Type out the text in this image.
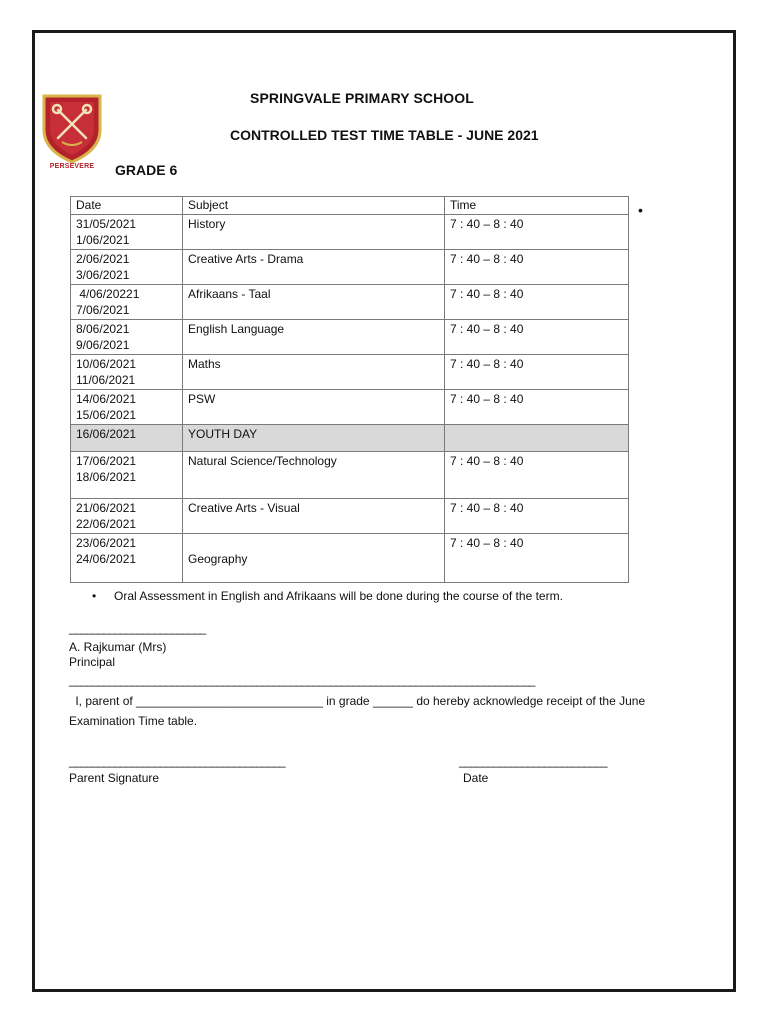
PERSEVERE
SPRINGVALE PRIMARY SCHOOL
CONTROLLED TEST TIME TABLE - JUNE 2021
GRADE 6
•
Date	Subject	Time

31/05/2021
1/06/2021	History	7 : 40 – 8 : 40

2/06/2021
3/06/2021	Creative Arts - Drama	7 : 40 – 8 : 40

4/06/20221
7/06/2021	Afrikaans - Taal	7 : 40 – 8 : 40

8/06/2021
9/06/2021	English Language	7 : 40 – 8 : 40

10/06/2021
11/06/2021	Maths	7 : 40 – 8 : 40

14/06/2021
15/06/2021	PSW	7 : 40 – 8 : 40
16/06/2021	YOUTH DAY	

17/06/2021
18/06/2021	Natural Science/Technology	7 : 40 – 8 : 40

21/06/2021
22/06/2021	Creative Arts - Visual	7 : 40 – 8 : 40

23/06/2021
24/06/2021	Geography	7 : 40 – 8 : 40
• Oral Assessment in English and Afrikaans will be done during the course of the term.
________________________
A. Rajkumar (Mrs)
Principal
__________________________________________________________________________________
I, parent of ____________________________ in grade ______ do hereby acknowledge receipt of the June
Examination Time table.
______________________________________	__________________________
Parent Signature	Date
